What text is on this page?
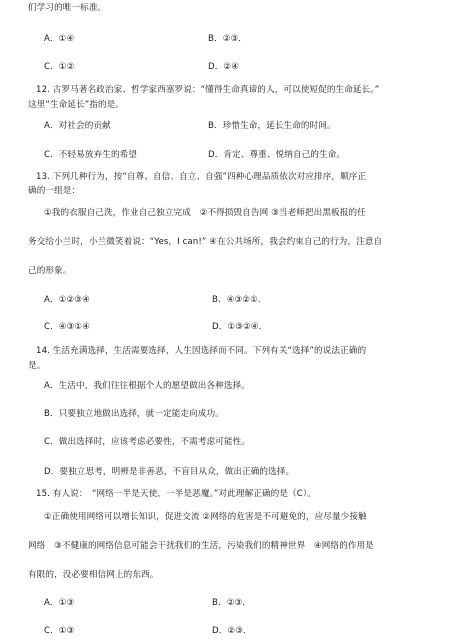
们学习的唯一标准。
A．①④	B．②③．
C．①②	D．②④
12. 古罗马著名政治家、哲学家西塞罗说：“懂得生命真谛的人，可以使短促的生命延长。”
这里“生命延长”指的是。
A．对社会的贡献	B．珍惜生命，延长生命的时间。
C．不轻易放弃生的希望	D．肯定、尊重、悦纳自己的生命。
13. 下列几种行为，按“自尊、自信、自立、自强”四种心理品质依次对应排序，顺序正
确的一组是：
①我的衣服自己洗，作业自己独立完成　②不得损毁自告网 ③当老师把出黑板报的任
务交给小兰时，小兰微笑着说：“Yes，I can!” ④在公共场所，我会约束自己的行为，注意自
己的形象。
A．①②③④	B．④③②①．
C．④③①④	D．①③②④．
14. 生活充满选择，生活需要选择，人生因选择而不同。下列有关“选择”的说法正确的
是。
A．生活中，我们往往根据个人的愿望做出各种选择。
B．只要独立地做出选择，就一定能走向成功。
C．做出选择时，应该考虑必要性，不需考虑可能性。
D．要独立思考，明辨是非善恶，不盲目从众，做出正确的选择。
15. 有人说：　“网络一半是天使，一半是恶魔。”对此理解正确的是（C）。
①正确使用网络可以增长知识，促进交流 ②网络的危害是不可避免的，应尽量少接触
网络　③不健康的网络信息可能会干扰我们的生活，污染我们的精神世界　④网络的作用是
有限的，没必要相信网上的东西。
A．①③	B．②③．
C．①③	D．②③．
